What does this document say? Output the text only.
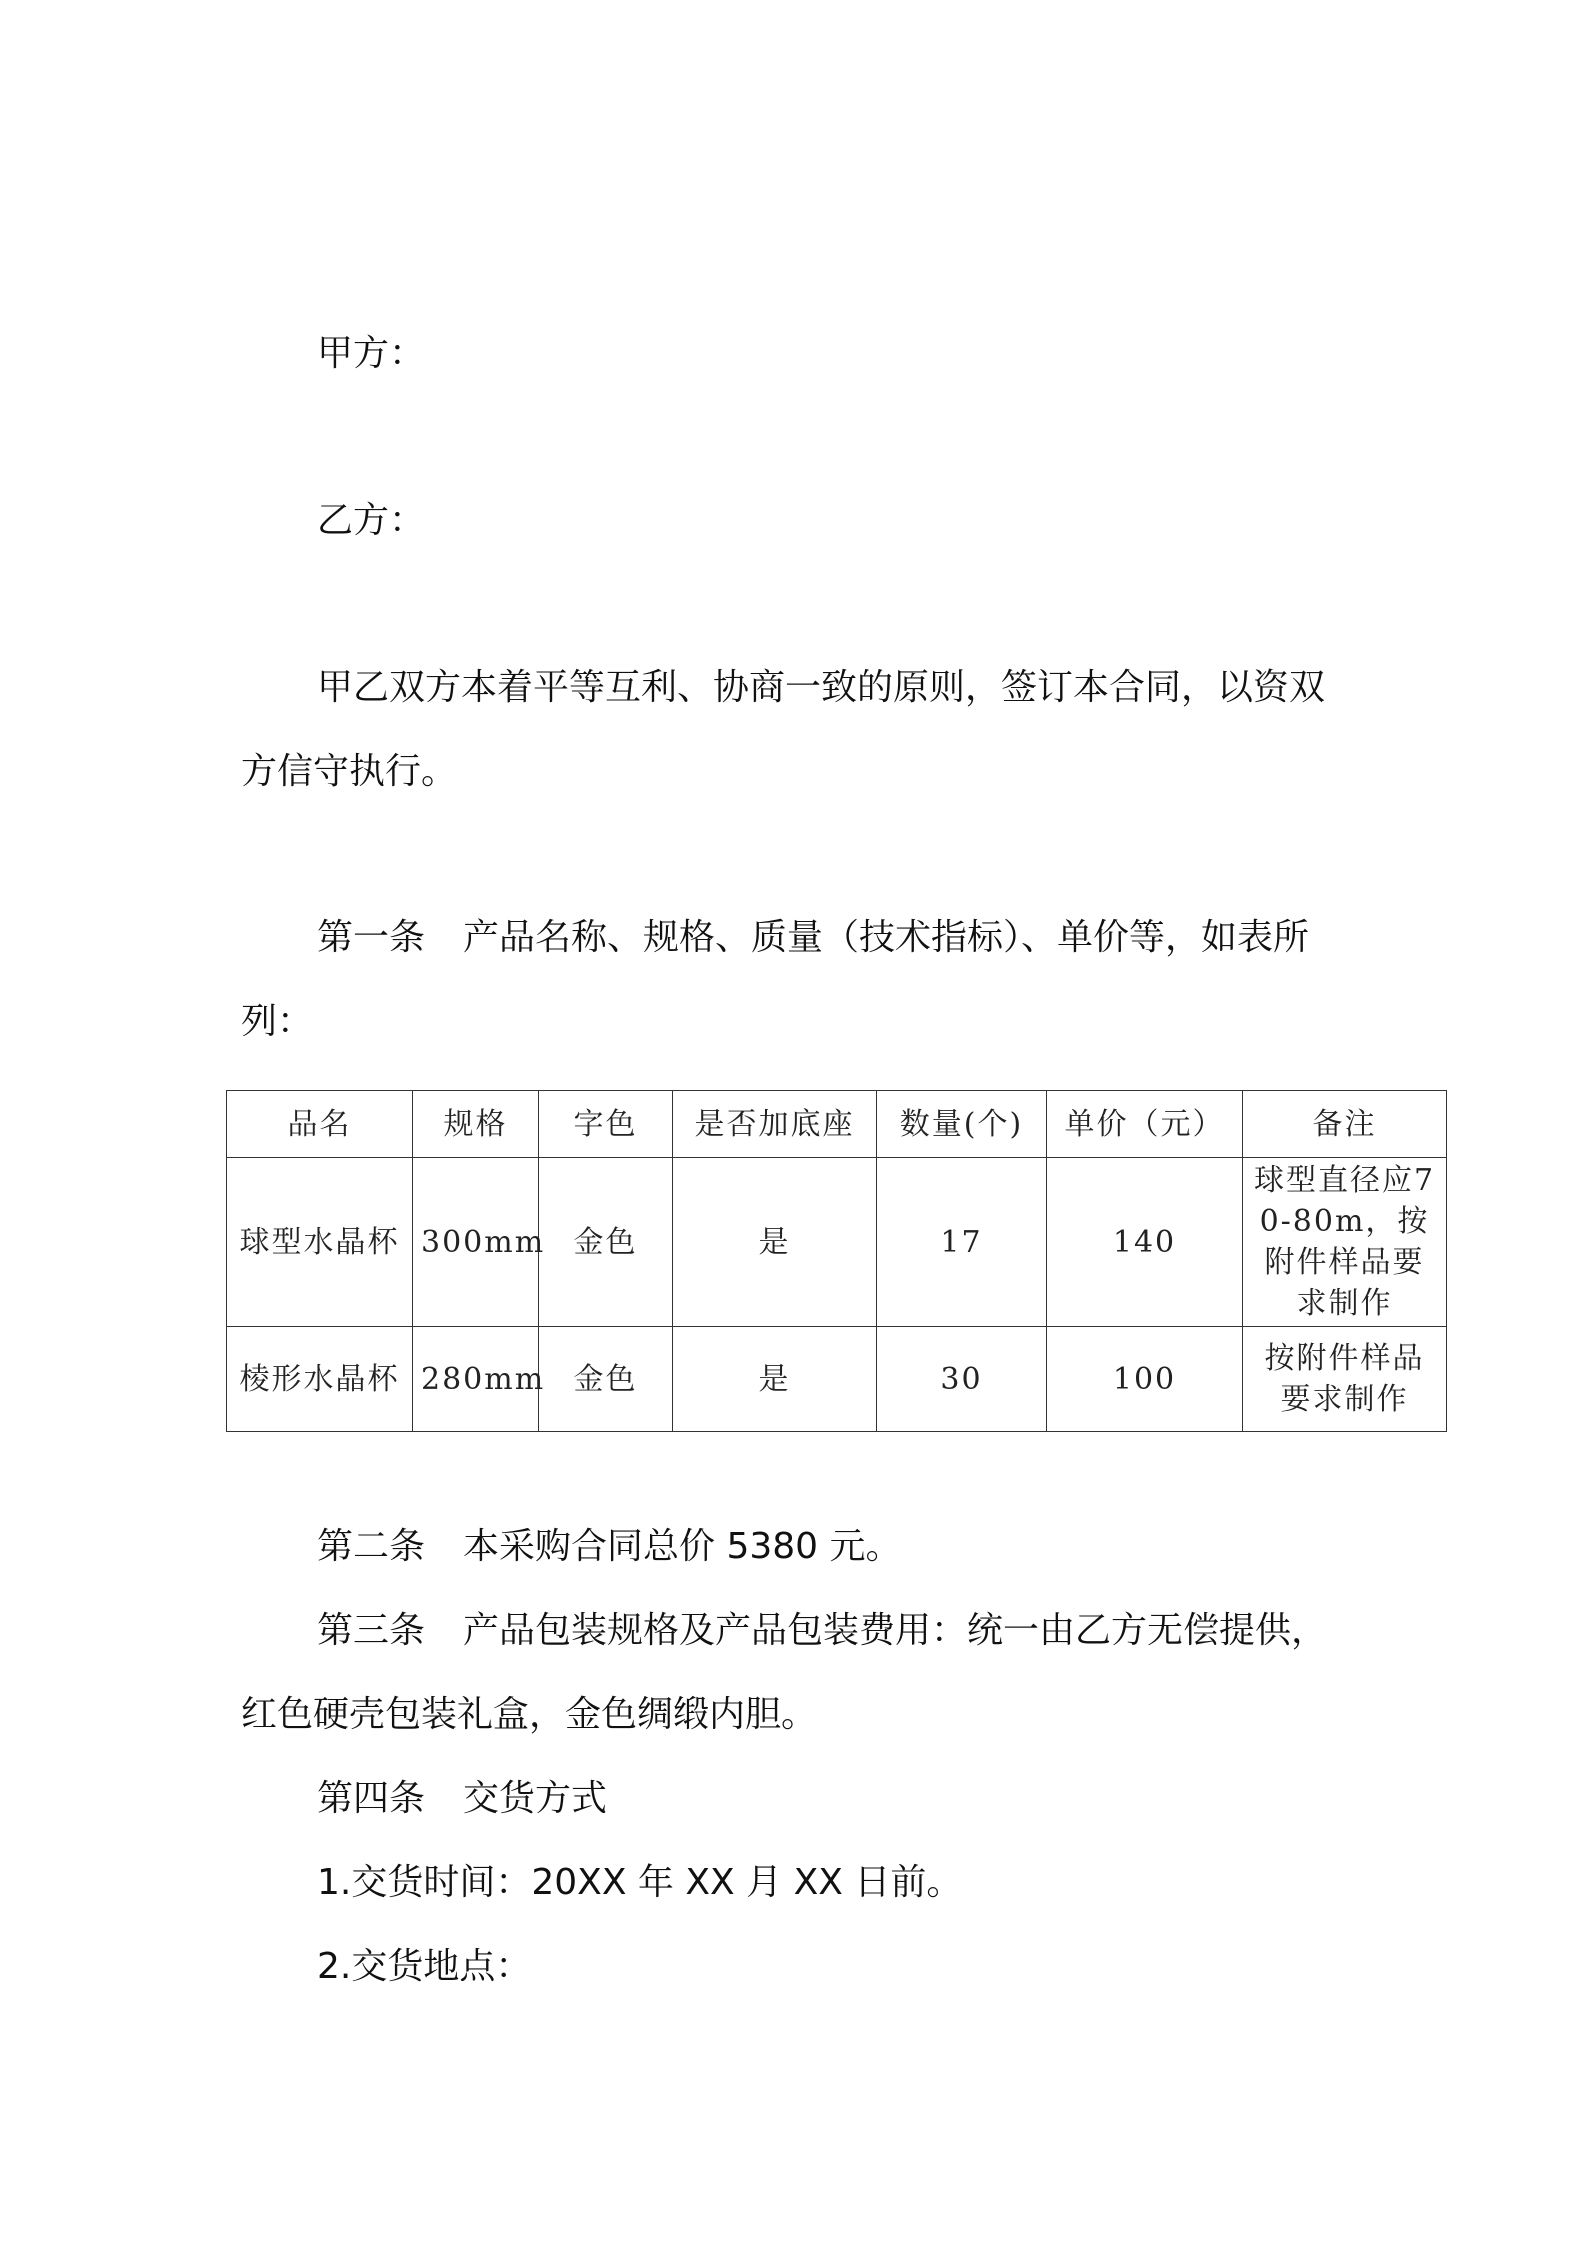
甲方：

乙方：

甲乙双方本着平等互利、协商一致的原则，签订本合同，以资双

方信守执行。

第一条 产品名称、规格、质量（技术指标）、单价等，如表所

列：

品名	规格	字色	是否加底座	数量(个)	单价（元）	备注

球型水晶杯	300mm	金色	是	17	140	球型直径应70-80m，按附件样品要求制作

棱形水晶杯	280mm	金色	是	30	100	按附件样品要求制作

第二条 本采购合同总价 5380 元。

第三条 产品包装规格及产品包装费用：统一由乙方无偿提供，

红色硬壳包装礼盒，金色绸缎内胆。

第四条 交货方式

1.交货时间：20XX 年 XX 月 XX 日前。

2.交货地点：
